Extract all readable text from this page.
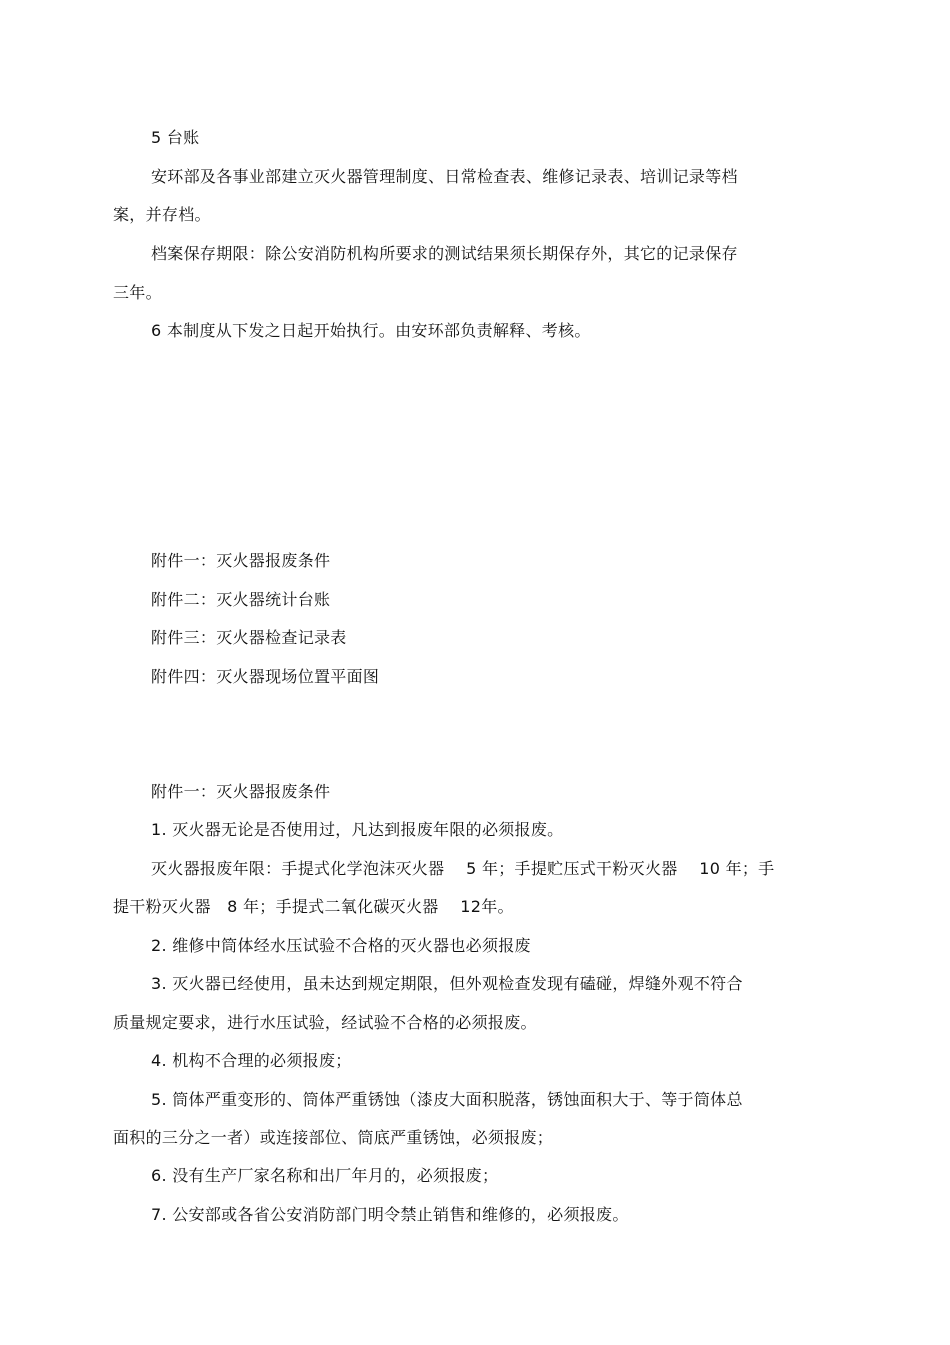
5 台账
安环部及各事业部建立灭火器管理制度、日常检查表、维修记录表、培训记录等档
案，并存档。
档案保存期限：除公安消防机构所要求的测试结果须长期保存外，其它的记录保存
三年。
6 本制度从下发之日起开始执行。由安环部负责解释、考核。
附件一：灭火器报废条件
附件二：灭火器统计台账
附件三：灭火器检查记录表
附件四：灭火器现场位置平面图
附件一：灭火器报废条件
1. 灭火器无论是否使用过，凡达到报废年限的必须报废。
灭火器报废年限：手提式化学泡沫灭火器　 5 年；手提贮压式干粉灭火器　 10 年；手
提干粉灭火器　8 年；手提式二氧化碳灭火器　 12年。
2. 维修中筒体经水压试验不合格的灭火器也必须报废
3. 灭火器已经使用，虽未达到规定期限，但外观检查发现有磕碰，焊缝外观不符合
质量规定要求，进行水压试验，经试验不合格的必须报废。
4. 机构不合理的必须报废；
5. 筒体严重变形的、筒体严重锈蚀（漆皮大面积脱落，锈蚀面积大于、等于筒体总
面积的三分之一者）或连接部位、筒底严重锈蚀，必须报废；
6. 没有生产厂家名称和出厂年月的，必须报废；
7. 公安部或各省公安消防部门明令禁止销售和维修的，必须报废。
